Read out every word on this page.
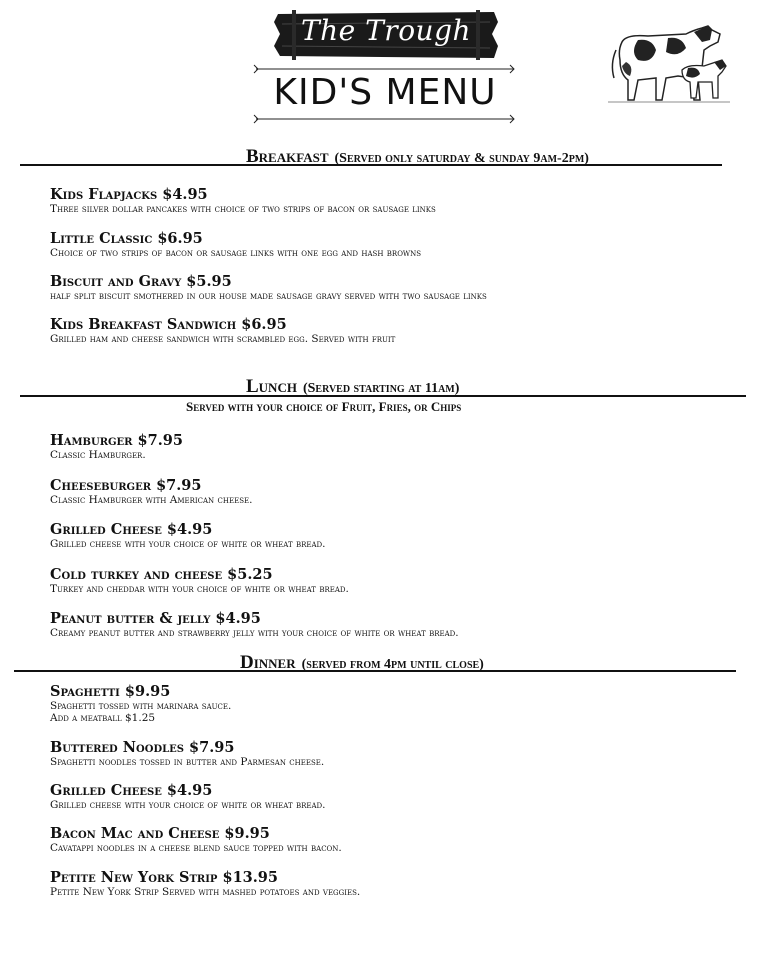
The Trough
KID'S MENU
Breakfast (Served only saturday & sunday 9am-2pm)
Kids Flapjacks $4.95
Three silver dollar pancakes with choice of two strips of bacon or sausage links
Little Classic $6.95
Choice of two strips of bacon or sausage links with one egg and hash browns
Biscuit and Gravy $5.95
half split biscuit smothered in our house made sausage gravy served with two sausage links
Kids Breakfast Sandwich $6.95
Grilled ham and cheese sandwich with scrambled egg. Served with fruit
Lunch (Served starting at 11am)
Served with your choice of Fruit, Fries, or Chips
Hamburger $7.95
Classic Hamburger.
Cheeseburger $7.95
Classic Hamburger with American cheese.
Grilled Cheese $4.95
Grilled cheese with your choice of white or wheat bread.
Cold turkey and cheese $5.25
Turkey and cheddar with your choice of white or wheat bread.
Peanut butter & jelly $4.95
Creamy peanut butter and strawberry jelly with your choice of white or wheat bread.
Dinner (served from 4pm until close)
Spaghetti $9.95
Spaghetti tossed with marinara sauce.
Add a meatball $1.25
Buttered Noodles $7.95
Spaghetti noodles tossed in butter and Parmesan cheese.
Grilled Cheese $4.95
Grilled cheese with your choice of white or wheat bread.
Bacon Mac and Cheese $9.95
Cavatappi noodles in a cheese blend sauce topped with bacon.
Petite New York Strip $13.95
Petite New York Strip Served with mashed potatoes and veggies.
